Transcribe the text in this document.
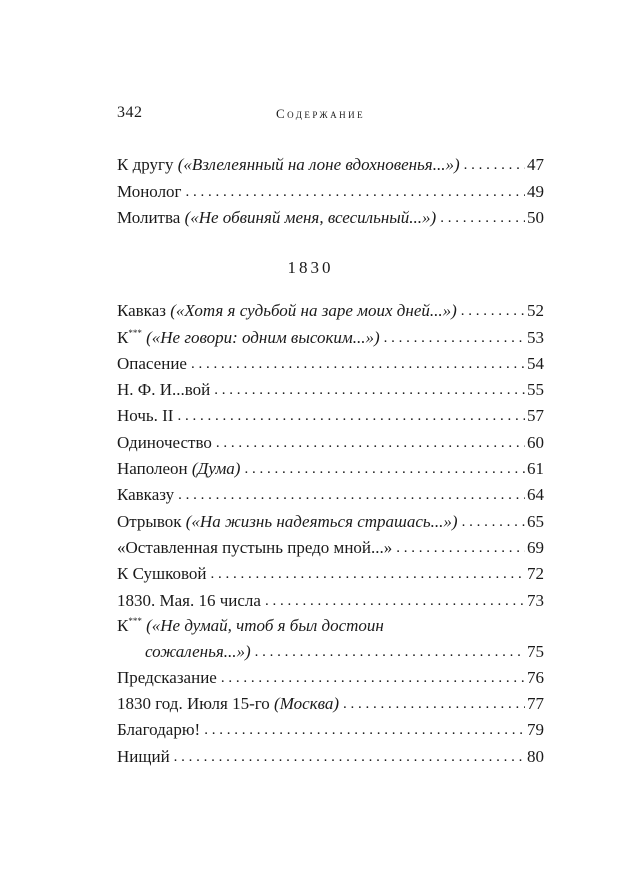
342	Содержание
К другу («Взлелеянный на лоне вдохновенья...») . . .	47
Монолог . . .	49
Молитва («Не обвиняй меня, всесильный...») . . .	50
1830
Кавказ («Хотя я судьбой на заре моих дней...») . . .	52
К*** («Не говори: одним высоким...») . . .	53
Опасение . . .	54
Н. Ф. И...вой . . .	55
Ночь. II . . .	57
Одиночество . . .	60
Наполеон (Дума) . . .	61
Кавказу . . .	64
Отрывок («На жизнь надеяться страшась...») . . .	65
«Оставленная пустынь предо мной...» . . .	69
К Сушковой . . .	72
1830. Мая. 16 числа . . .	73
К*** («Не думай, чтоб я был достоин
сожаленья...») . . .	75
Предсказание . . .	76
1830 год. Июля 15-го (Москва) . . .	77
Благодарю! . . .	79
Нищий . . .	80
